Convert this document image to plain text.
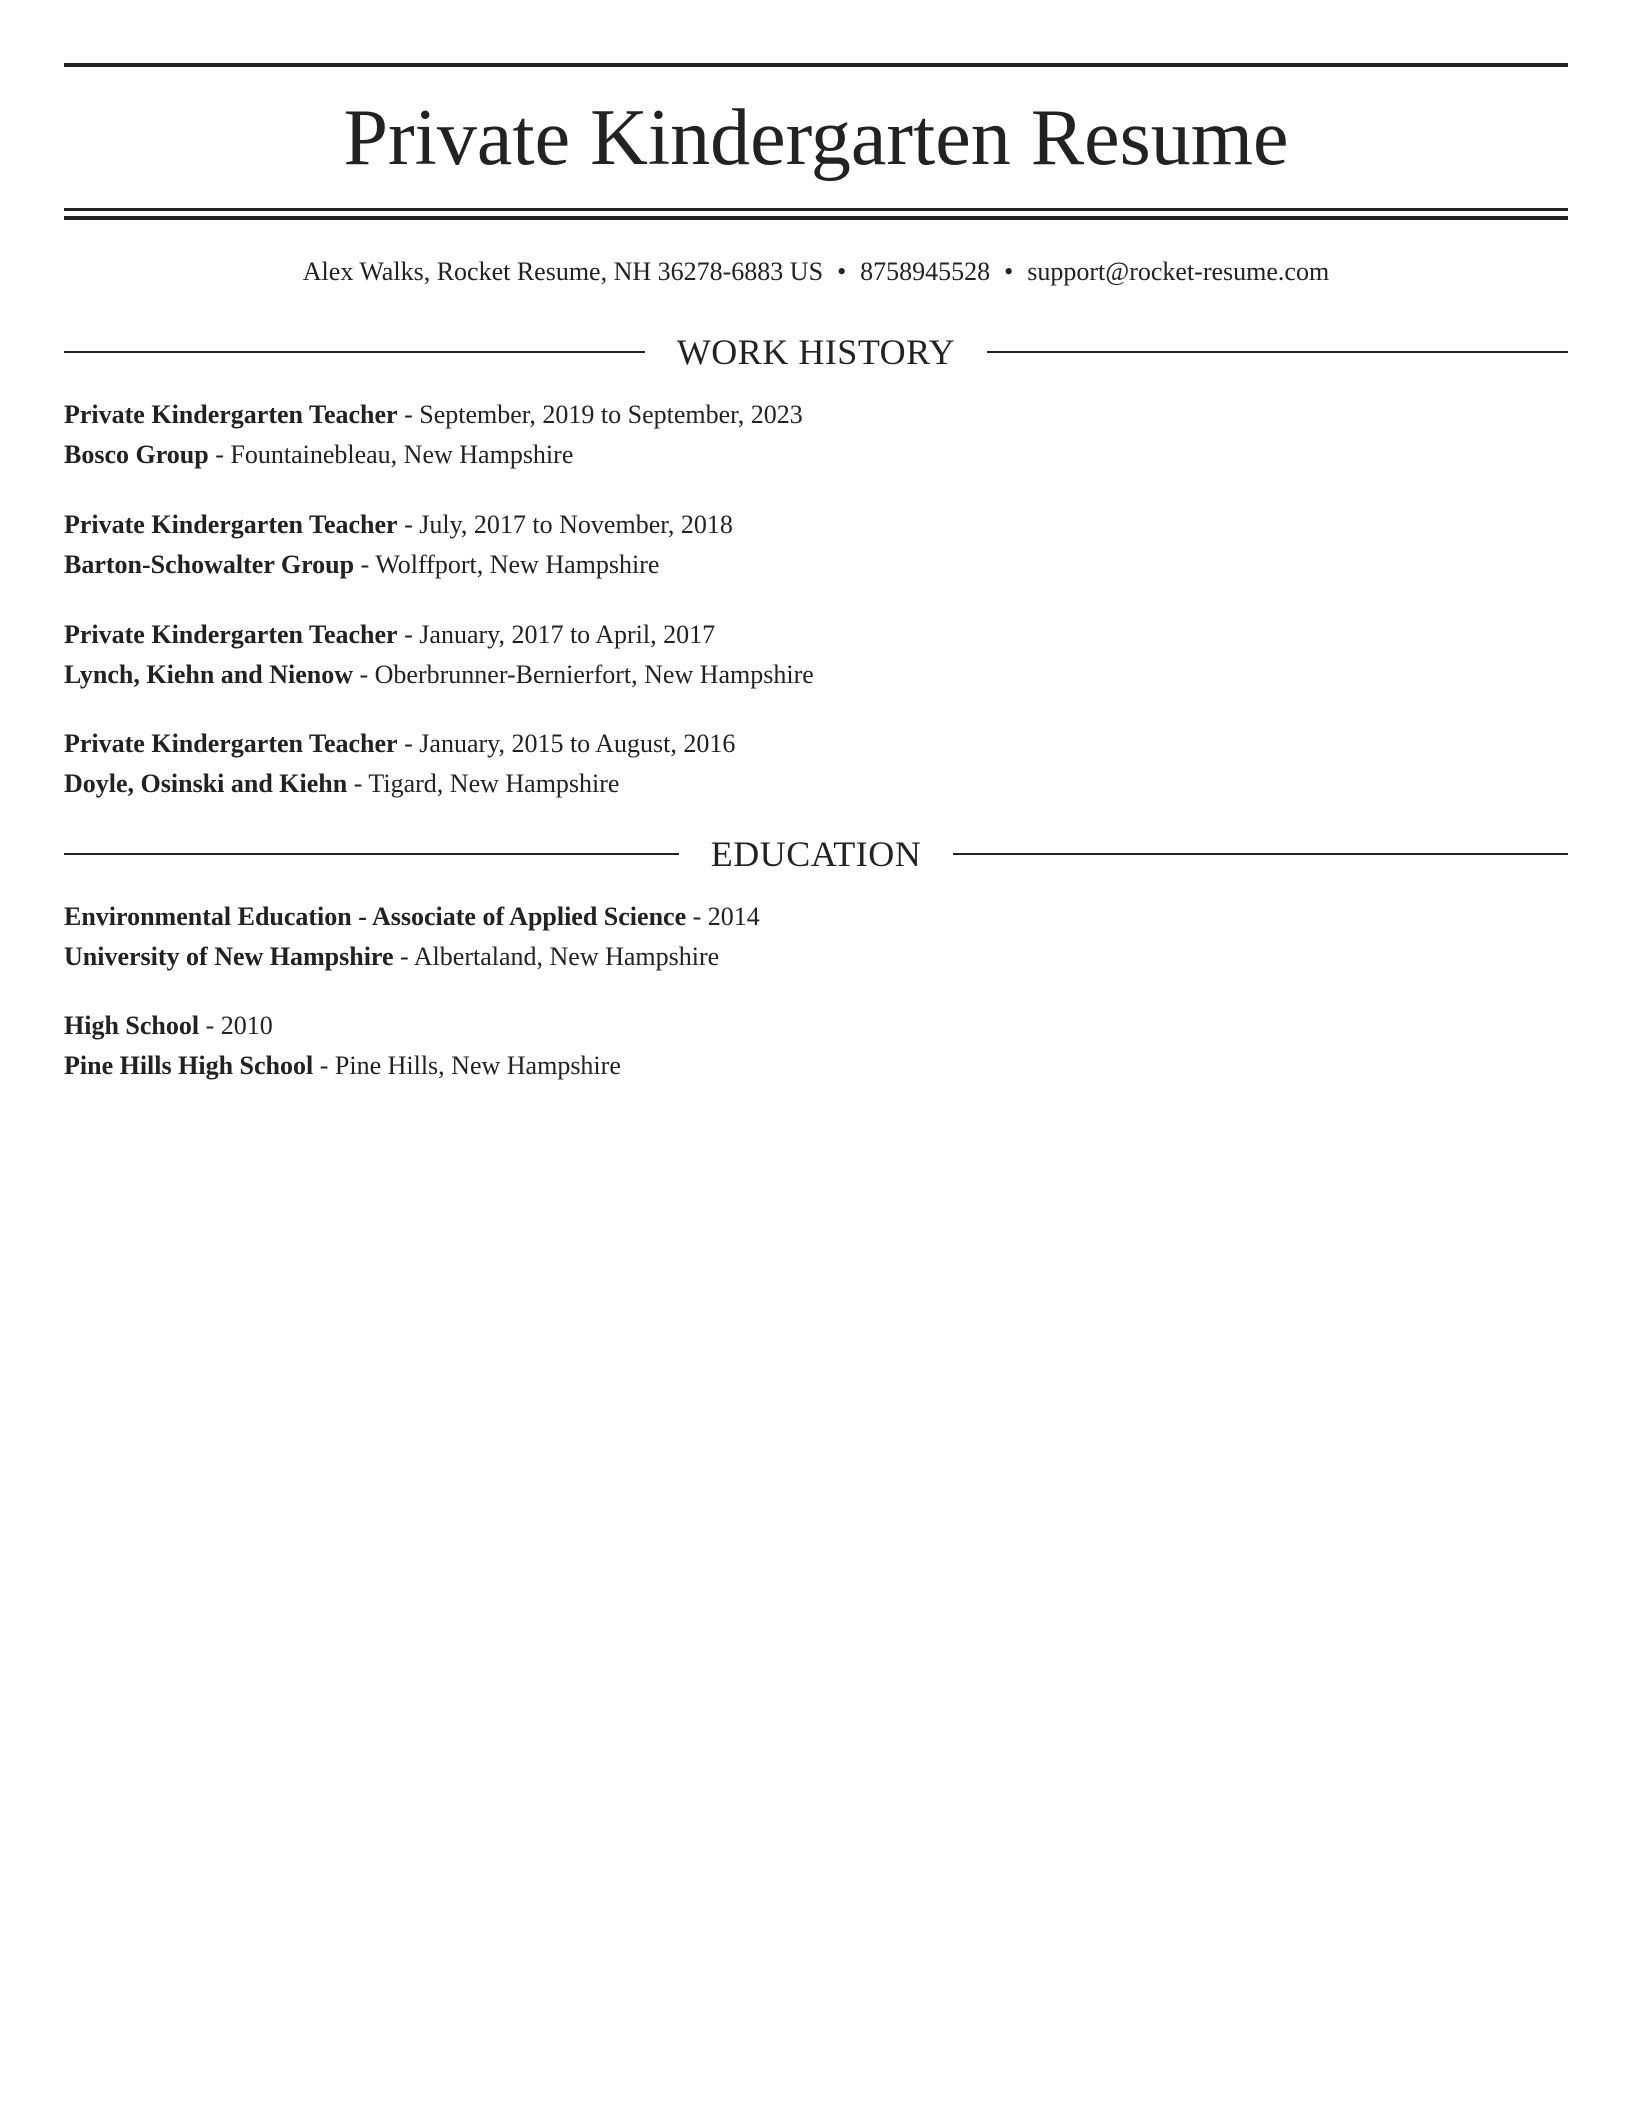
Private Kindergarten Resume
Alex Walks, Rocket Resume, NH 36278-6883 US • 8758945528 • support@rocket-resume.com
WORK HISTORY
Private Kindergarten Teacher - September, 2019 to September, 2023
Bosco Group - Fountainebleau, New Hampshire
Private Kindergarten Teacher - July, 2017 to November, 2018
Barton-Schowalter Group - Wolffport, New Hampshire
Private Kindergarten Teacher - January, 2017 to April, 2017
Lynch, Kiehn and Nienow - Oberbrunner-Bernierfort, New Hampshire
Private Kindergarten Teacher - January, 2015 to August, 2016
Doyle, Osinski and Kiehn - Tigard, New Hampshire
EDUCATION
Environmental Education - Associate of Applied Science - 2014
University of New Hampshire - Albertaland, New Hampshire
High School - 2010
Pine Hills High School - Pine Hills, New Hampshire
